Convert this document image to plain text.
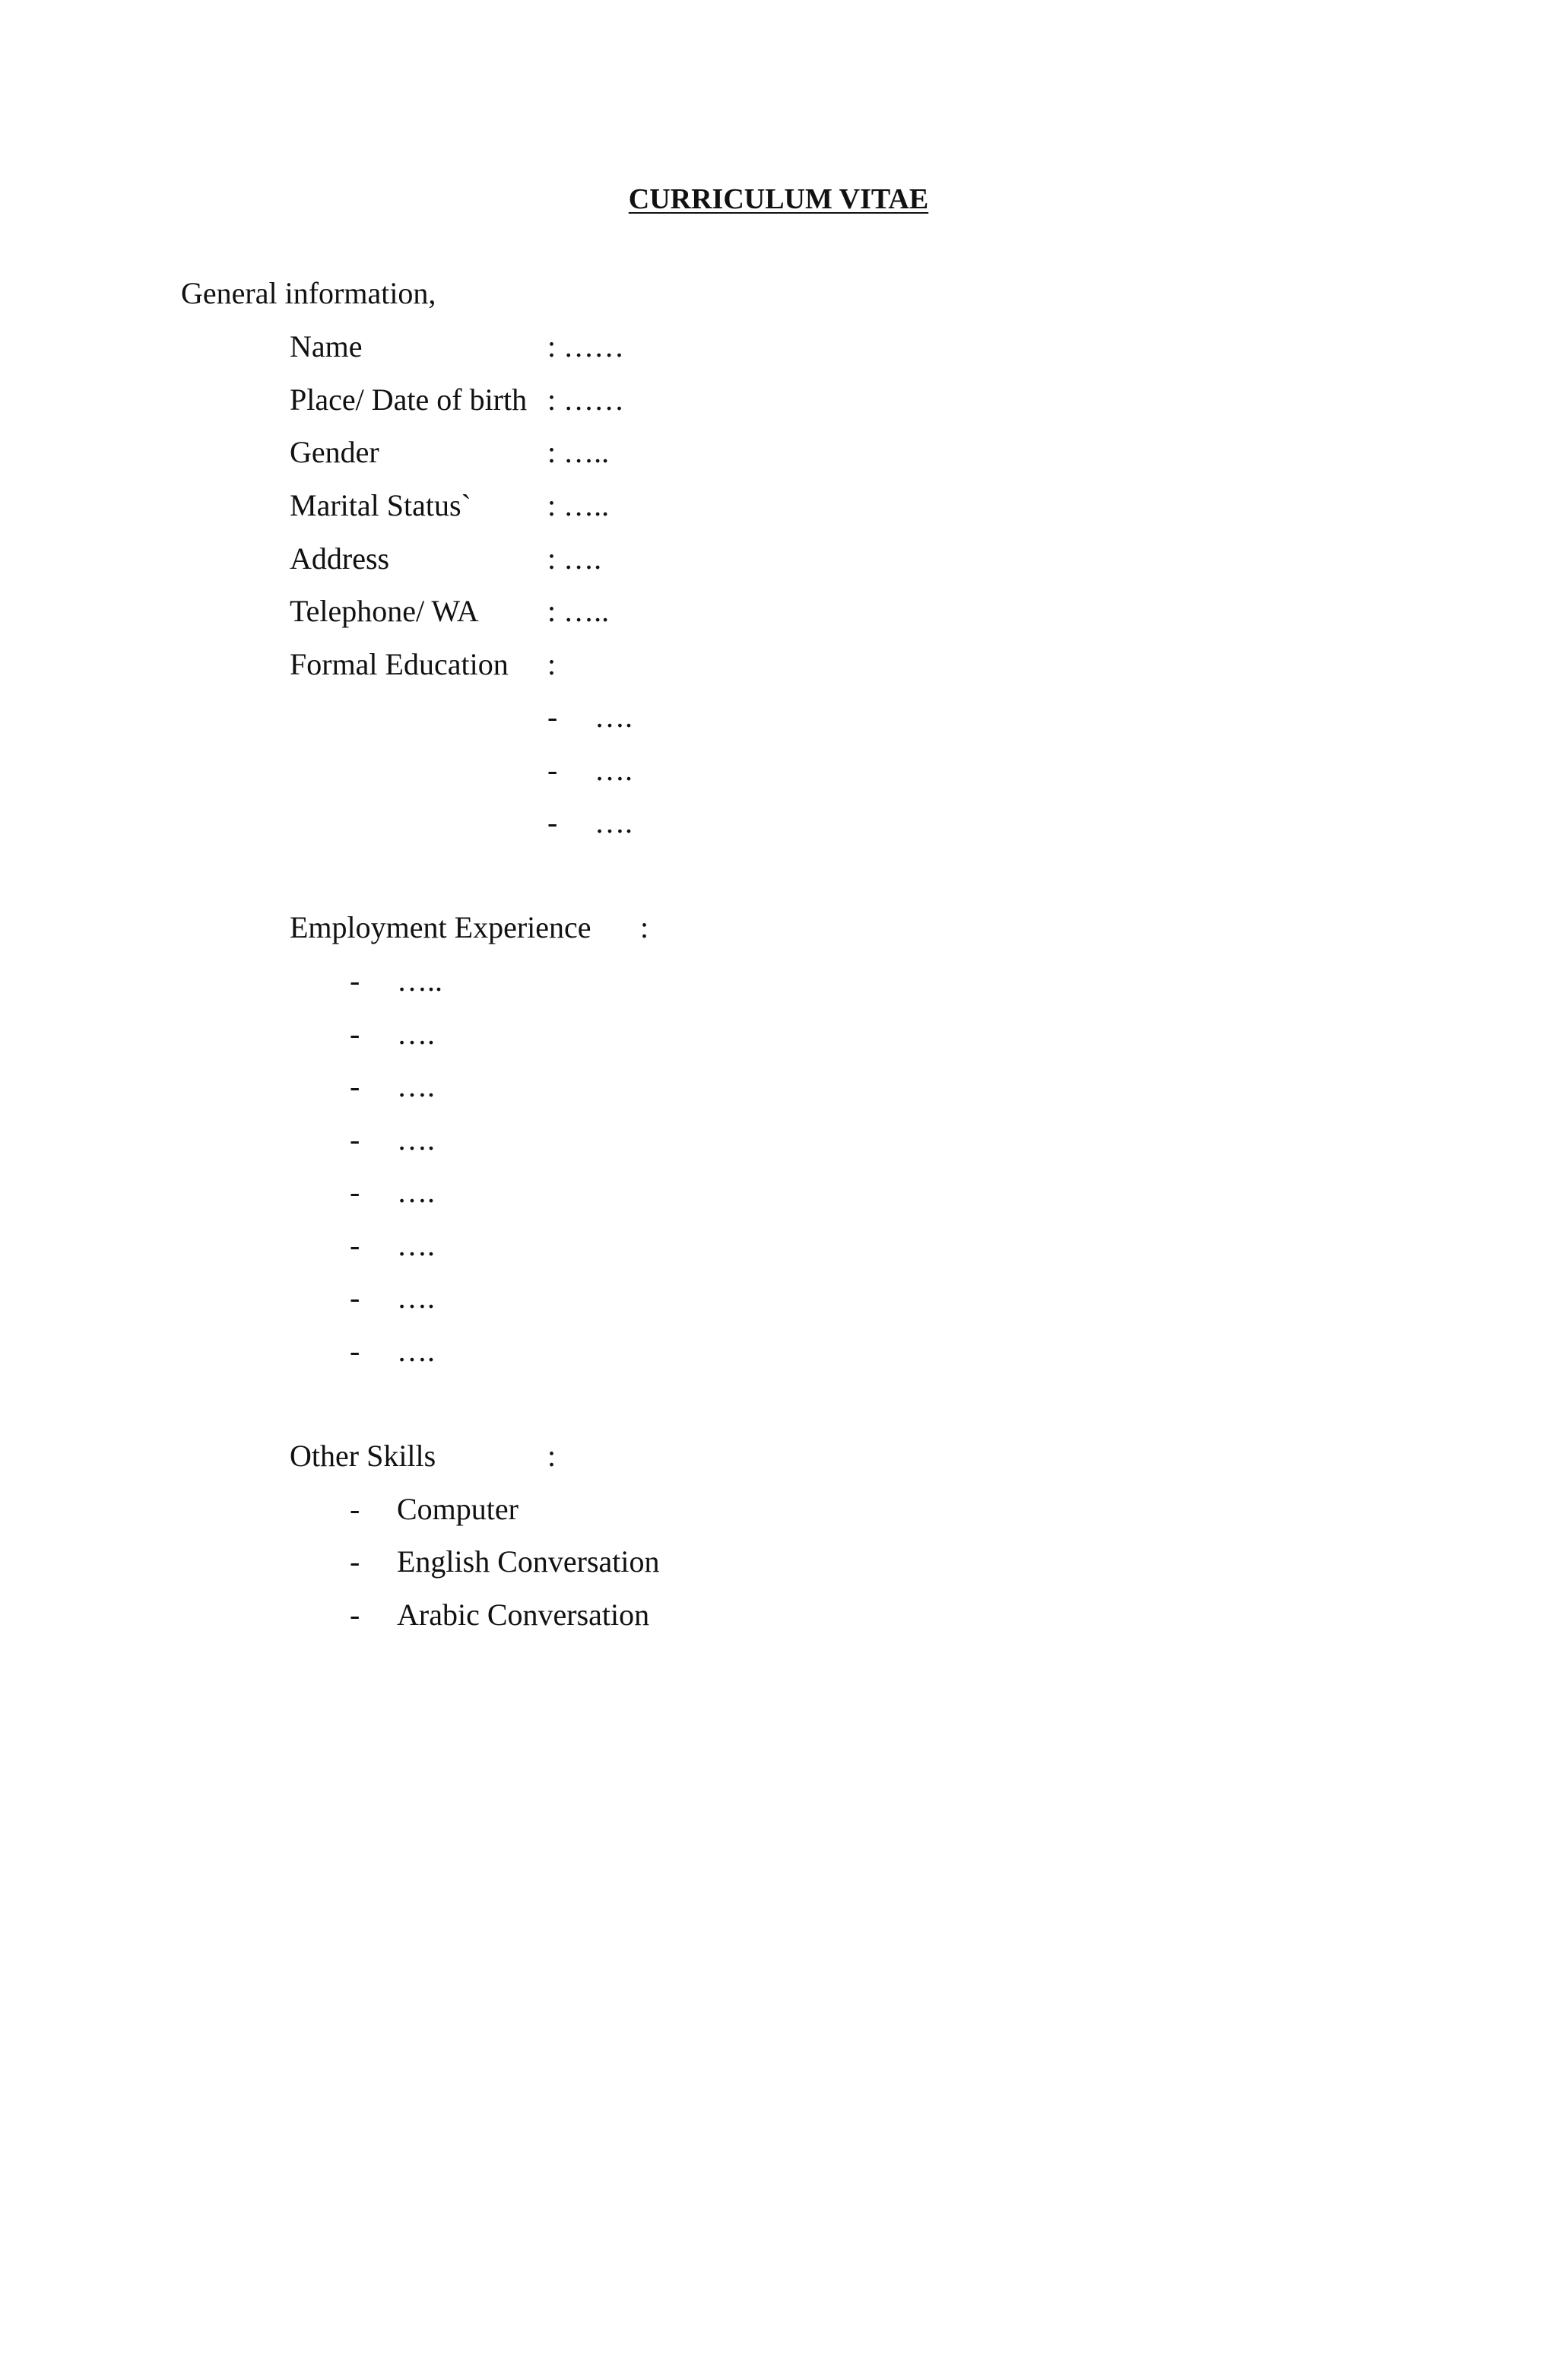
CURRICULUM VITAE
General information,
Name	: ……
Place/ Date of birth : ……
Gender	: …..
Marital Status`	: …..
Address	: ….
Telephone/ WA : …..
Formal Education :
- ….
- ….
- ….
Employment Experience :
- …..
- ….
- ….
- ….
- ….
- ….
- ….
- ….
Other Skills	:
- Computer
- English Conversation
- Arabic Conversation
